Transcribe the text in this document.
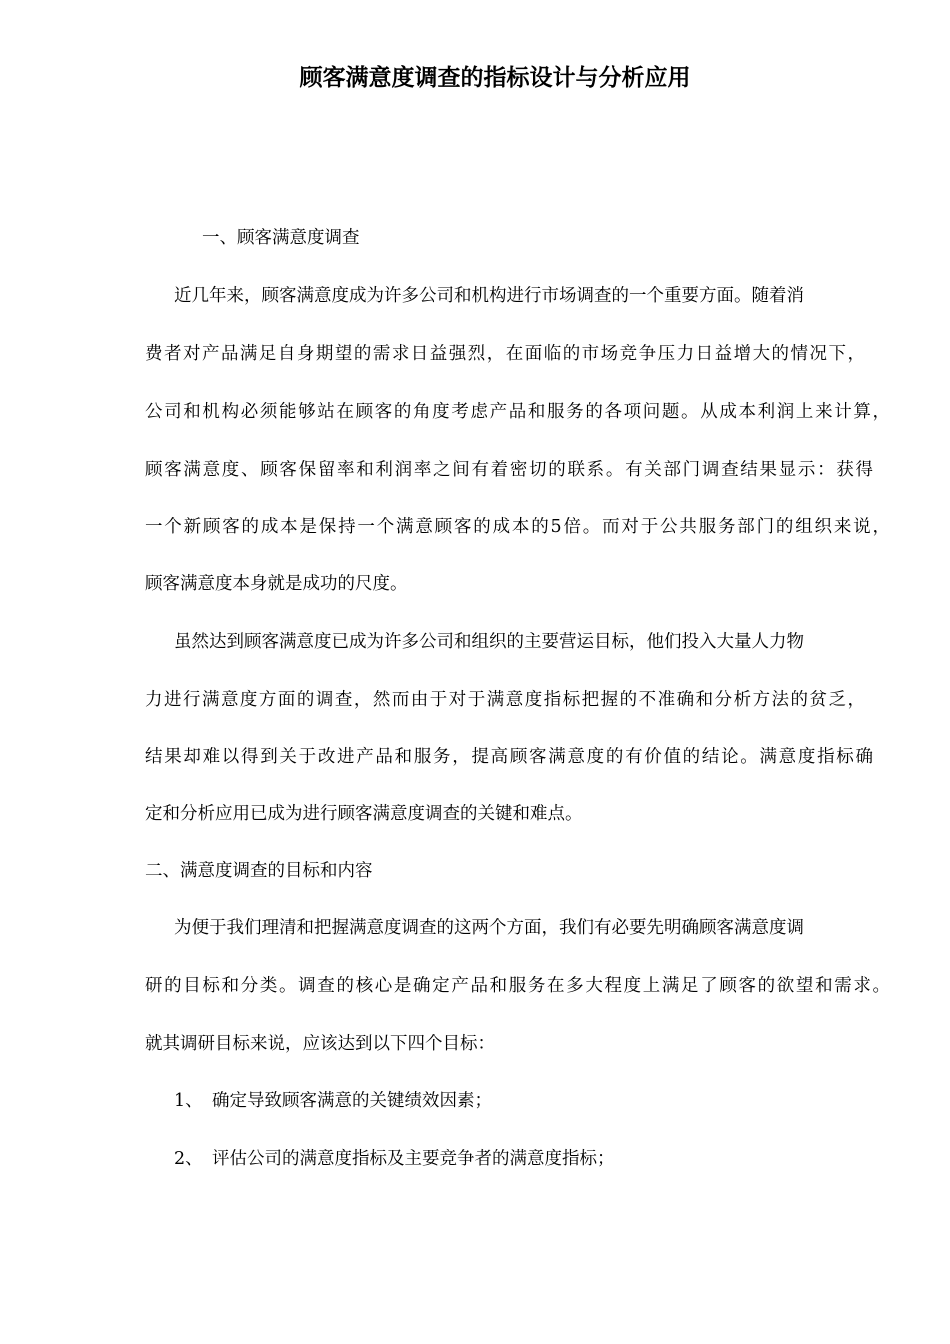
顾客满意度调查的指标设计与分析应用

一、顾客满意度调查

近几年来，顾客满意度成为许多公司和机构进行市场调查的一个重要方面。随着消

费者对产品满足自身期望的需求日益强烈，在面临的市场竞争压力日益增大的情况下，

公司和机构必须能够站在顾客的角度考虑产品和服务的各项问题。从成本利润上来计算，

顾客满意度、顾客保留率和利润率之间有着密切的联系。有关部门调查结果显示：获得

一个新顾客的成本是保持一个满意顾客的成本的5倍。而对于公共服务部门的组织来说，

顾客满意度本身就是成功的尺度。

虽然达到顾客满意度已成为许多公司和组织的主要营运目标，他们投入大量人力物

力进行满意度方面的调查，然而由于对于满意度指标把握的不准确和分析方法的贫乏，

结果却难以得到关于改进产品和服务，提高顾客满意度的有价值的结论。满意度指标确

定和分析应用已成为进行顾客满意度调查的关键和难点。

二、满意度调查的目标和内容

为便于我们理清和把握满意度调查的这两个方面，我们有必要先明确顾客满意度调

研的目标和分类。调查的核心是确定产品和服务在多大程度上满足了顾客的欲望和需求。

就其调研目标来说，应该达到以下四个目标：

1、 确定导致顾客满意的关键绩效因素；

2、 评估公司的满意度指标及主要竞争者的满意度指标；
